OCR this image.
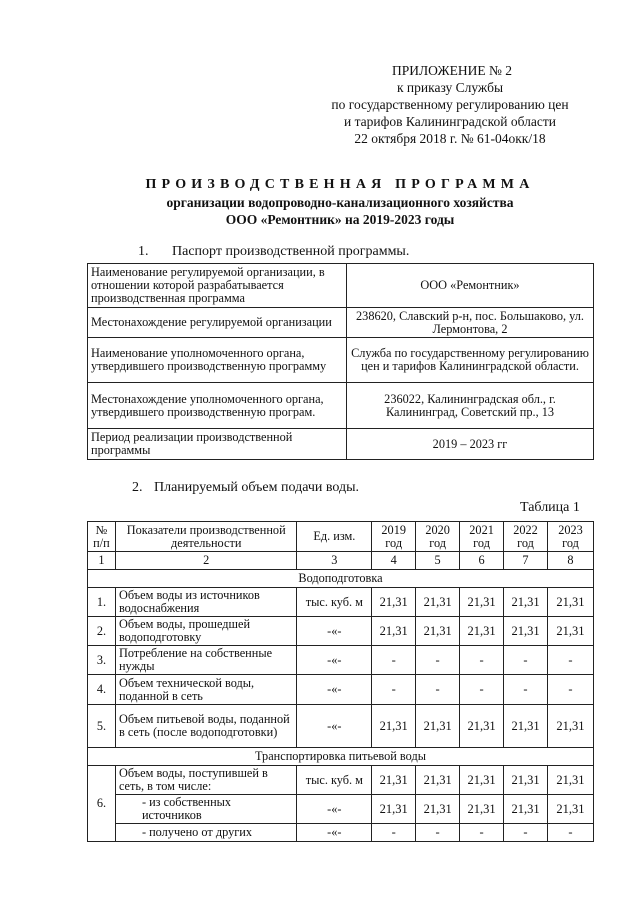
ПРИЛОЖЕНИЕ № 2
к приказу Службы
по государственному регулированию цен
и тарифов Калининградской области
22 октября 2018 г. № 61-04окк/18
ПРОИЗВОДСТВЕННАЯ ПРОГРАММА
организации водопроводно-канализационного хозяйства
ООО «Ремонтник» на 2019-2023 годы
1. Паспорт производственной программы.
Наименование регулируемой организации, в отношении которой разрабатывается производственная программа	ООО «Ремонтник»
Местонахождение регулируемой организации	238620, Славский р-н, пос. Большаково, ул. Лермонтова, 2
Наименование уполномоченного органа, утвердившего производственную программу	Служба по государственному регулированию цен и тарифов Калининградской области.
Местонахождение уполномоченного органа, утвердившего производственную програм.	236022, Калининградская обл., г. Калининград, Советский пр., 13
Период реализации производственной программы	2019 – 2023 гг
2. Планируемый объем подачи воды.
Таблица 1
№ п/п	Показатели производственной деятельности	Ед. изм.	2019 год	2020 год	2021 год	2022 год	2023 год
1	2	3	4	5	6	7	8
Водоподготовка							
1.	Объем воды из источников водоснабжения	тыс. куб. м	21,31	21,31	21,31	21,31	21,31
2.	Объем воды, прошедшей водоподготовку	-«-	21,31	21,31	21,31	21,31	21,31
3.	Потребление на собственные нужды	-«-	-	-	-	-	-
4.	Объем технической воды, поданной в сеть	-«-	-	-	-	-	-
5.	Объем питьевой воды, поданной в сеть (после водоподготовки)	-«-	21,31	21,31	21,31	21,31	21,31
Транспортировка питьевой воды							
6.	Объем воды, поступившей в сеть, в том числе:	тыс. куб. м	21,31	21,31	21,31	21,31	21,31
	- из собственных источников	-«-	21,31	21,31	21,31	21,31	21,31
	- получено от других	-«-	-	-	-	-	-
